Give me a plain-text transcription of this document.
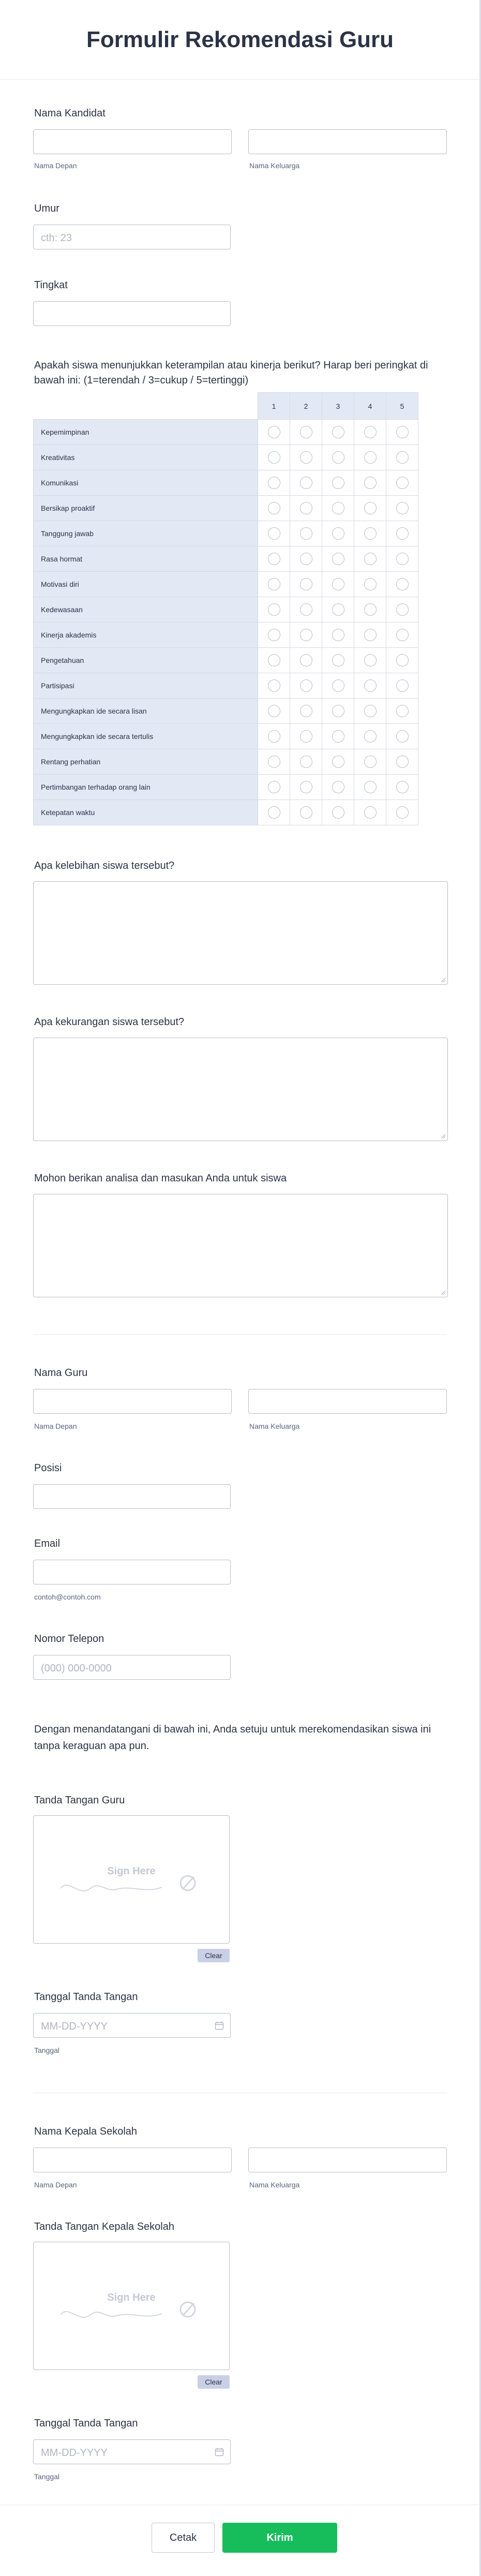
Formulir Rekomendasi Guru
Nama Kandidat
Nama Depan	Nama Keluarga
Umur
cth: 23
Tingkat
Apakah siswa menunjukkan keterampilan atau kinerja berikut? Harap beri peringkat di bawah ini: (1=terendah / 3=cukup / 5=tertinggi)
	1	2	3	4	5
Kepemimpinan					
Kreativitas					
Komunikasi					
Bersikap proaktif					
Tanggung jawab					
Rasa hormat					
Motivasi diri					
Kedewasaan					
Kinerja akademis					
Pengetahuan					
Partisipasi					
Mengungkapkan ide secara lisan					
Mengungkapkan ide secara tertulis					
Rentang perhatian					
Pertimbangan terhadap orang lain					
Ketepatan waktu					
Apa kelebihan siswa tersebut?
Apa kekurangan siswa tersebut?
Mohon berikan analisa dan masukan Anda untuk siswa
Nama Guru
Nama Depan	Nama Keluarga
Posisi
Email
contoh@contoh.com
Nomor Telepon
(000) 000-0000
Dengan menandatangani di bawah ini, Anda setuju untuk merekomendasikan siswa ini tanpa keraguan apa pun.
Tanda Tangan Guru
Sign Here
Clear
Tanggal Tanda Tangan
MM-DD-YYYY
Tanggal
Nama Kepala Sekolah
Nama Depan	Nama Keluarga
Tanda Tangan Kepala Sekolah
Sign Here
Clear
Tanggal Tanda Tangan
MM-DD-YYYY
Tanggal
Cetak	Kirim
